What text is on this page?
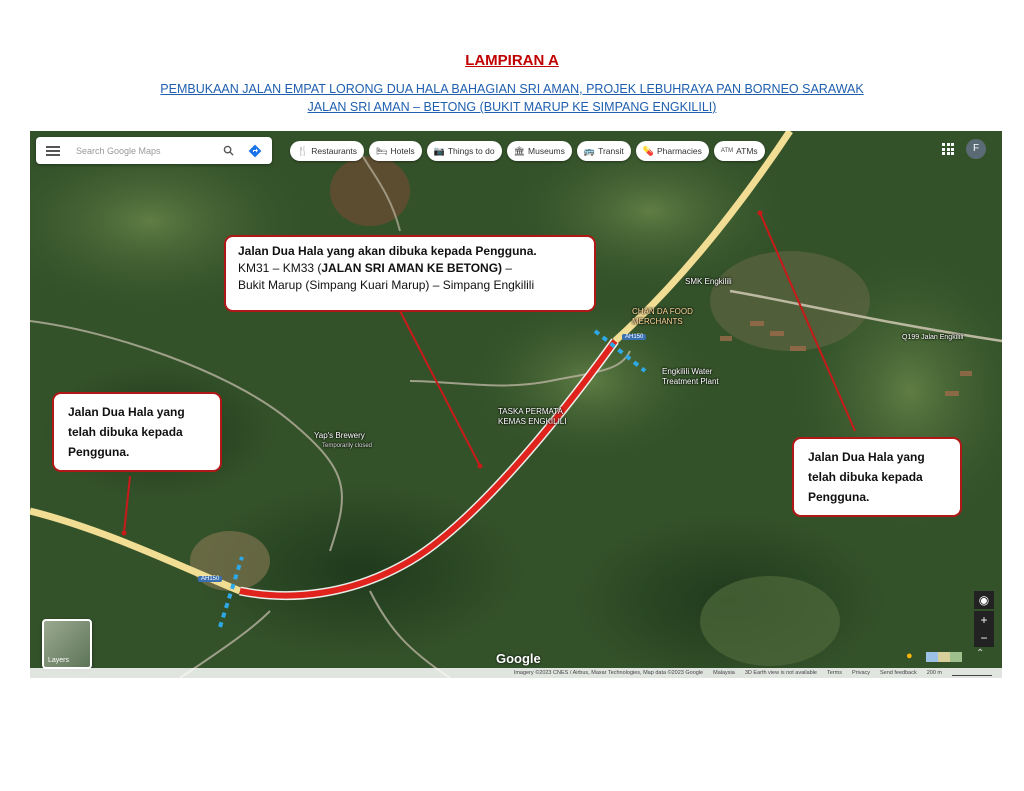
LAMPIRAN A
PEMBUKAAN JALAN EMPAT LORONG DUA HALA BAHAGIAN SRI AMAN, PROJEK LEBUHRAYA PAN BORNEO SARAWAK
JALAN SRI AMAN – BETONG (BUKIT MARUP KE SIMPANG ENGKILILI)
Search Google Maps	🍴 Restaurants 🛏 Hotels 📷 Things to do 🏛 Museums 🚌 Transit 💊 Pharmacies	ATM ATMs	F
SMK Engkilili
CHAN DA FOOD
MERCHANTS
Engkilili Water
Treatment Plant
TASKA PERMATA
KEMAS ENGKILILI
Yap's Brewery
Temporarily closed
Q199 Jalan Engkilili
AH150
AH150
Layers	Google
◉
+
−
●	⌃
Imagery ©2023 CNES / Airbus, Maxar Technologies, Map data ©2023 Google Malaysia 3D Earth view is not available Terms Privacy Send feedback 200 m
Jalan Dua Hala yang akan dibuka kepada Pengguna.
KM31 – KM33 (JALAN SRI AMAN KE BETONG) –
Bukit Marup (Simpang Kuari Marup) – Simpang Engkilili
Jalan Dua Hala yang telah dibuka kepada Pengguna.	Jalan Dua Hala yang telah dibuka kepada Pengguna.
